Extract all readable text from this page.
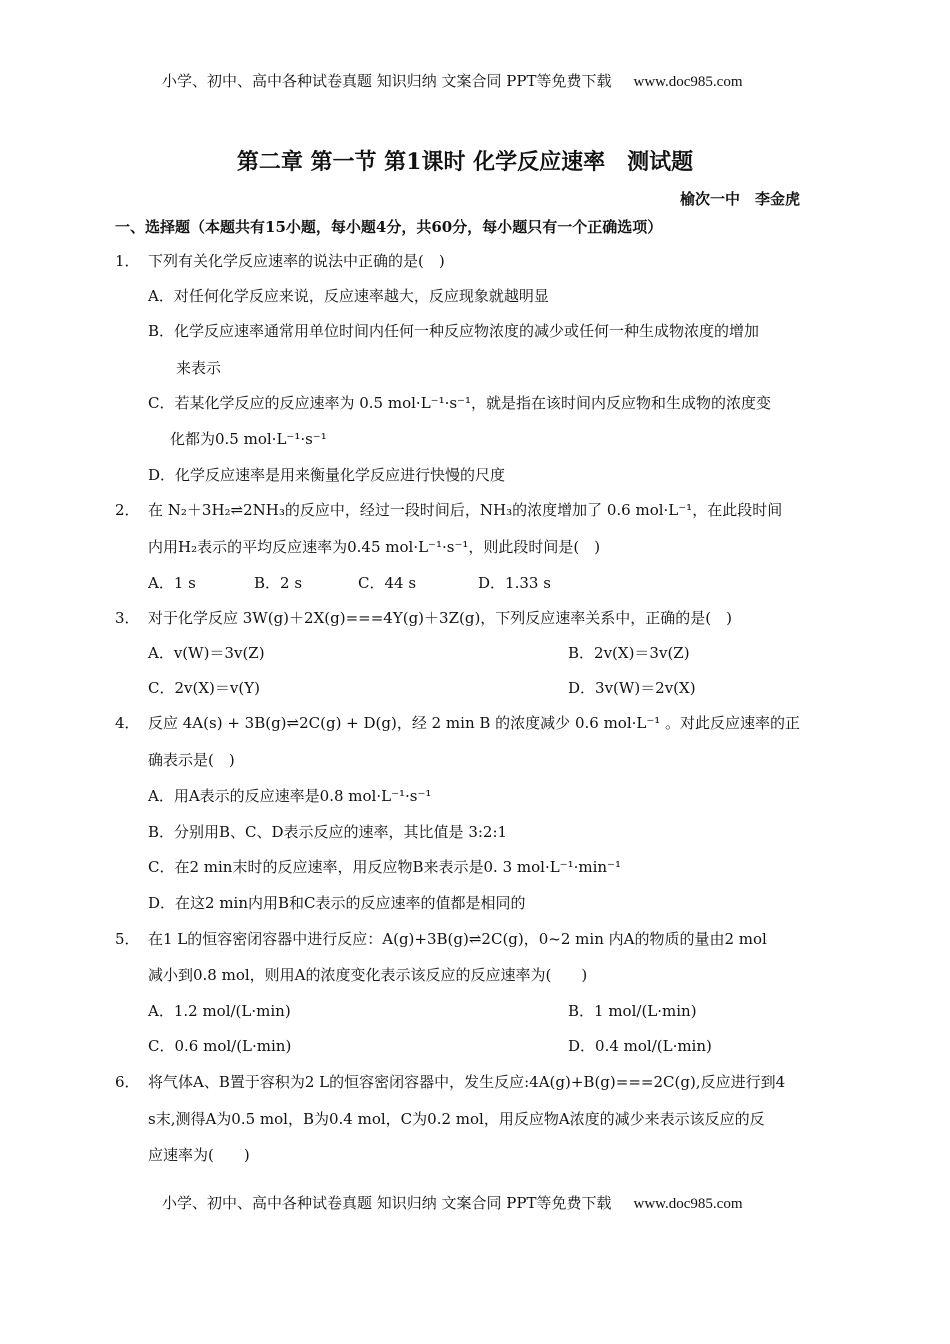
小学、初中、高中各种试卷真题 知识归纳 文案合同 PPT等免费下载 www.doc985.com
第二章 第一节 第1课时 化学反应速率　测试题
榆次一中　李金虎
一、选择题（本题共有15小题，每小题4分，共60分，每小题只有一个正确选项）
1． 下列有关化学反应速率的说法中正确的是(　)
A．对任何化学反应来说，反应速率越大，反应现象就越明显
B．化学反应速率通常用单位时间内任何一种反应物浓度的减少或任何一种生成物浓度的增加
来表示
C．若某化学反应的反应速率为 0.5 mol·L⁻¹·s⁻¹，就是指在该时间内反应物和生成物的浓度变
化都为0.5 mol·L⁻¹·s⁻¹
D．化学反应速率是用来衡量化学反应进行快慢的尺度
2． 在 N₂＋3H₂⇌2NH₃的反应中，经过一段时间后，NH₃的浓度增加了 0.6 mol·L⁻¹，在此段时间
内用H₂表示的平均反应速率为0.45 mol·L⁻¹·s⁻¹，则此段时间是(　)
A．1 s	B．2 s	C．44 s	D．1.33 s
3． 对于化学反应 3W(g)＋2X(g)===4Y(g)＋3Z(g)，下列反应速率关系中，正确的是(　)
A．v(W)＝3v(Z)	B．2v(X)＝3v(Z)
C．2v(X)＝v(Y)	D．3v(W)＝2v(X)
4． 反应 4A(s) + 3B(g)⇌2C(g) + D(g)，经 2 min B 的浓度减少 0.6 mol·L⁻¹ 。对此反应速率的正
确表示是(　)
A．用A表示的反应速率是0.8 mol·L⁻¹·s⁻¹
B．分别用B、C、D表示反应的速率，其比值是 3:2:1
C．在2 min末时的反应速率，用反应物B来表示是0. 3 mol·L⁻¹·min⁻¹
D．在这2 min内用B和C表示的反应速率的值都是相同的
5． 在1 L的恒容密闭容器中进行反应：A(g)+3B(g)⇌2C(g)，0~2 min 内A的物质的量由2 mol
减小到0.8 mol，则用A的浓度变化表示该反应的反应速率为(　　)
A．1.2 mol/(L·min)	B．1 mol/(L·min)
C．0.6 mol/(L·min)	D．0.4 mol/(L·min)
6． 将气体A、B置于容积为2 L的恒容密闭容器中，发生反应:4A(g)+B(g)===2C(g),反应进行到4
s末,测得A为0.5 mol，B为0.4 mol，C为0.2 mol，用反应物A浓度的减少来表示该反应的反
应速率为(　　)
小学、初中、高中各种试卷真题 知识归纳 文案合同 PPT等免费下载 www.doc985.com
